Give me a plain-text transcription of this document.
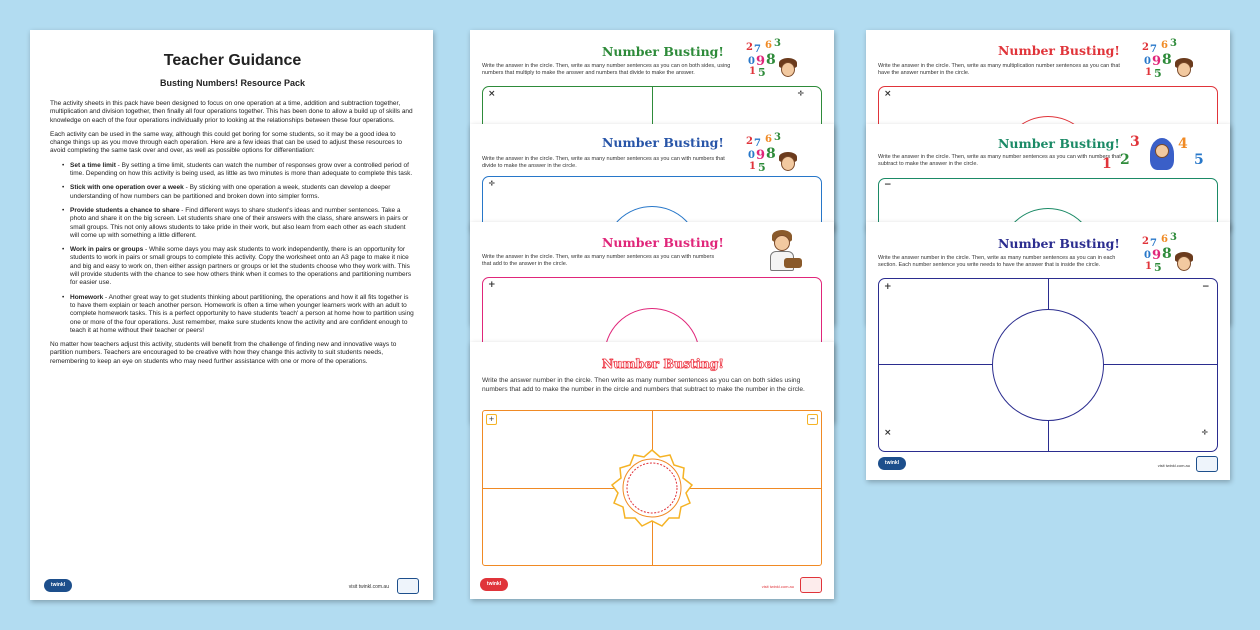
Teacher Guidance
Busting Numbers! Resource Pack

The activity sheets in this pack have been designed to focus on one operation at a time, addition and subtraction together, multiplication and division together, then finally all four operations together. This has been done to allow a build up of skills and knowledge on each of the four operations individually prior to looking at the relationships between these four operations.

Each activity can be used in the same way, although this could get boring for some students, so it may be a good idea to change things up as you move through each operation. Here are a few ideas that can be used to adjust these resources to avoid completing the same task over and over, as well as possible options for differentiation:

• Set a time limit - By setting a time limit, students can watch the number of responses grow over a controlled period of time. Depending on how this activity is being used, as little as two minutes is more than adequate to complete this task.
• Stick with one operation over a week - By sticking with one operation a week, students can develop a deeper understanding of how numbers can be partitioned and broken down into simpler forms.
• Provide students a chance to share - Find different ways to share student's ideas and number sentences. Take a photo and share it on the big screen. Let students share one of their answers with the class, share answers in pairs or small groups. This not only allows students to take pride in their work, but also learn from each other as each student will come up with something a little different.
• Work in pairs or groups - While some days you may ask students to work independently, there is an opportunity for students to work in pairs or small groups to complete this activity. Copy the worksheet onto an A3 page to make it nice and big and easy to work on, then either assign partners or groups or let the students choose who they work with. This will provide students with the chance to see how others think when it comes to the operations and partitioning numbers for easier use.
• Homework - Another great way to get students thinking about partitioning, the operations and how it all fits together is to have them explain or teach another person. Homework is often a time when younger learners work with an adult to complete homework tasks. This is a perfect opportunity to have students 'teach' a person at home how to partition using one or more of the four operations. Just remember, make sure students know the activity and are confident enough to teach it at home without their teacher or peers!

No matter how teachers adjust this activity, students will benefit from the challenge of finding new and innovative ways to partition numbers. Teachers are encouraged to be creative with how they change this activity to suit students needs, remembering to keep an eye on students who may need further assistance with one or more of the operations.

twinkl	visit twinkl.com.au
Number Busting!
Write the answer in the circle. Then, write as many number sentences as you can on both sides, using numbers that multiply to make the answer and numbers that divide to make the answer.
×	÷
2 7 6 3
0 9 8
1 5
Number Busting!
Write the answer in the circle. Then, write as many number sentences as you can with numbers that divide to make the answer in the circle.
÷
2 7 6 3
0 9 8
1 5
Number Busting!
Write the answer in the circle. Then, write as many number sentences as you can with numbers that add to the answer in the circle.
+
Number Busting!
Write the answer number in the circle. Then write as many number sentences as you can on both sides using numbers that add to make the number in the circle and numbers that subtract to make the number in the circle.
+	−
twinkl	visit twinkl.com.au
Number Busting!
Write the answer in the circle. Then, write as many multiplication number sentences as you can that have the answer number in the circle.
×
2 7 6 3
0 9 8
1 5
Number Busting!
Write the answer in the circle. Then, write as many number sentences as you can with numbers that subtract to make the answer in the circle.
−
3	4
1 2	5
Number Busting!
Write the answer number in the circle. Then, write as many number sentences as you can in each section. Each number sentence you write needs to have the answer that is inside the circle.
+	−
×	÷
2 7 6 3
0 9 8
1 5
twinkl	visit twinkl.com.au
